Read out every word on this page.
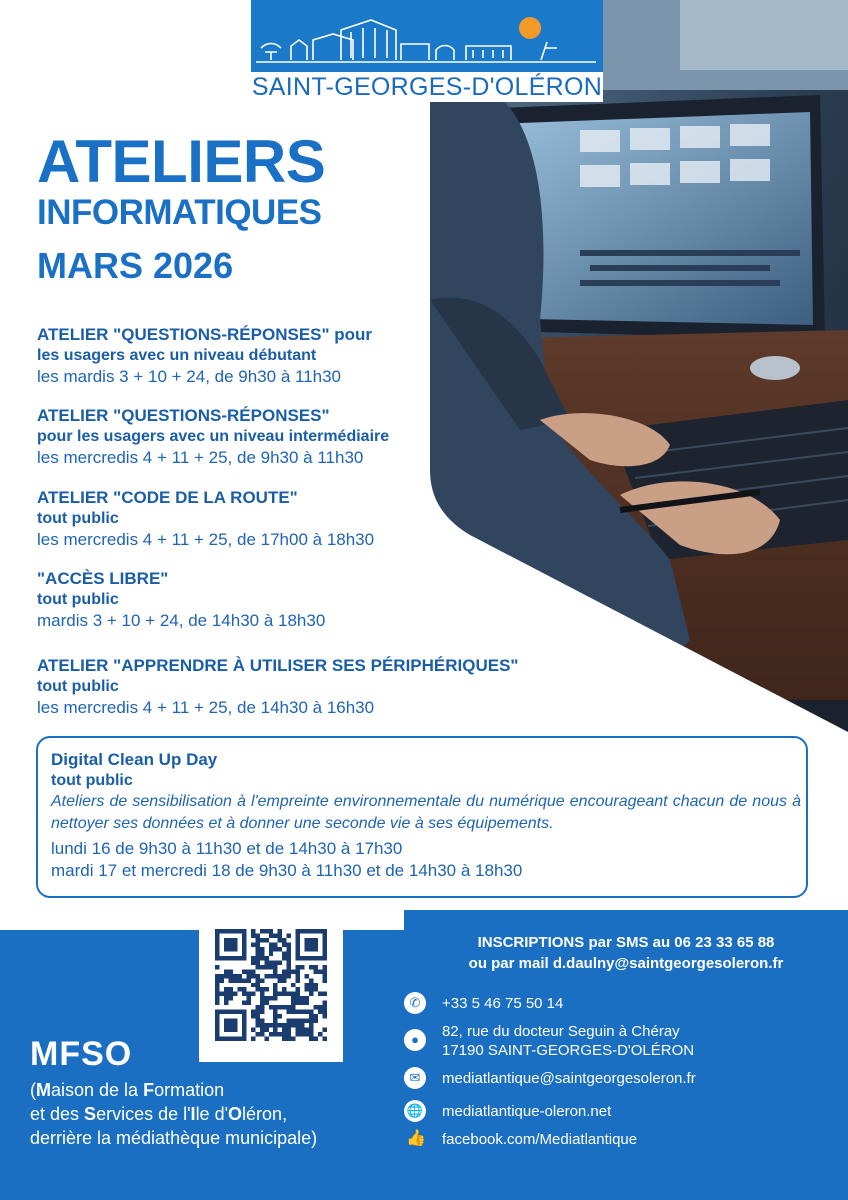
SAINT-GEORGES-D'OLÉRON
ATELIERS
INFORMATIQUES
MARS 2026
ATELIER "QUESTIONS-RÉPONSES" pour
les usagers avec un niveau débutant
les mardis 3 + 10 + 24, de 9h30 à 11h30
ATELIER "QUESTIONS-RÉPONSES"
pour les usagers avec un niveau intermédiaire
les mercredis 4 + 11 + 25, de 9h30 à 11h30
ATELIER "CODE DE LA ROUTE"
tout public
les mercredis 4 + 11 + 25, de 17h00 à 18h30
"ACCÈS LIBRE"
tout public
mardis 3 + 10 + 24, de 14h30 à 18h30
ATELIER "APPRENDRE À UTILISER SES PÉRIPHÉRIQUES"
tout public
les mercredis 4 + 11 + 25, de 14h30 à 16h30
Digital Clean Up Day
tout public
Ateliers de sensibilisation à l'empreinte environnementale du numérique encourageant chacun de nous à nettoyer ses données et à donner une seconde vie à ses équipements.
lundi 16 de 9h30 à 11h30 et de 14h30 à 17h30
mardi 17 et mercredi 18 de 9h30 à 11h30 et de 14h30 à 18h30
MFSO
(Maison de la Formation
et des Services de l'Ile d'Oléron,
derrière la médiathèque municipale)
INSCRIPTIONS par SMS au 06 23 33 65 88
ou par mail d.daulny@saintgeorgesoleron.fr
✆	+33 5 46 75 50 14
●	82, rue du docteur Seguin à Chéray
17190 SAINT-GEORGES-D'OLÉRON
✉	mediatlantique@saintgeorgesoleron.fr
🌐 mediatlantique-oleron.net
👍 facebook.com/Mediatlantique
